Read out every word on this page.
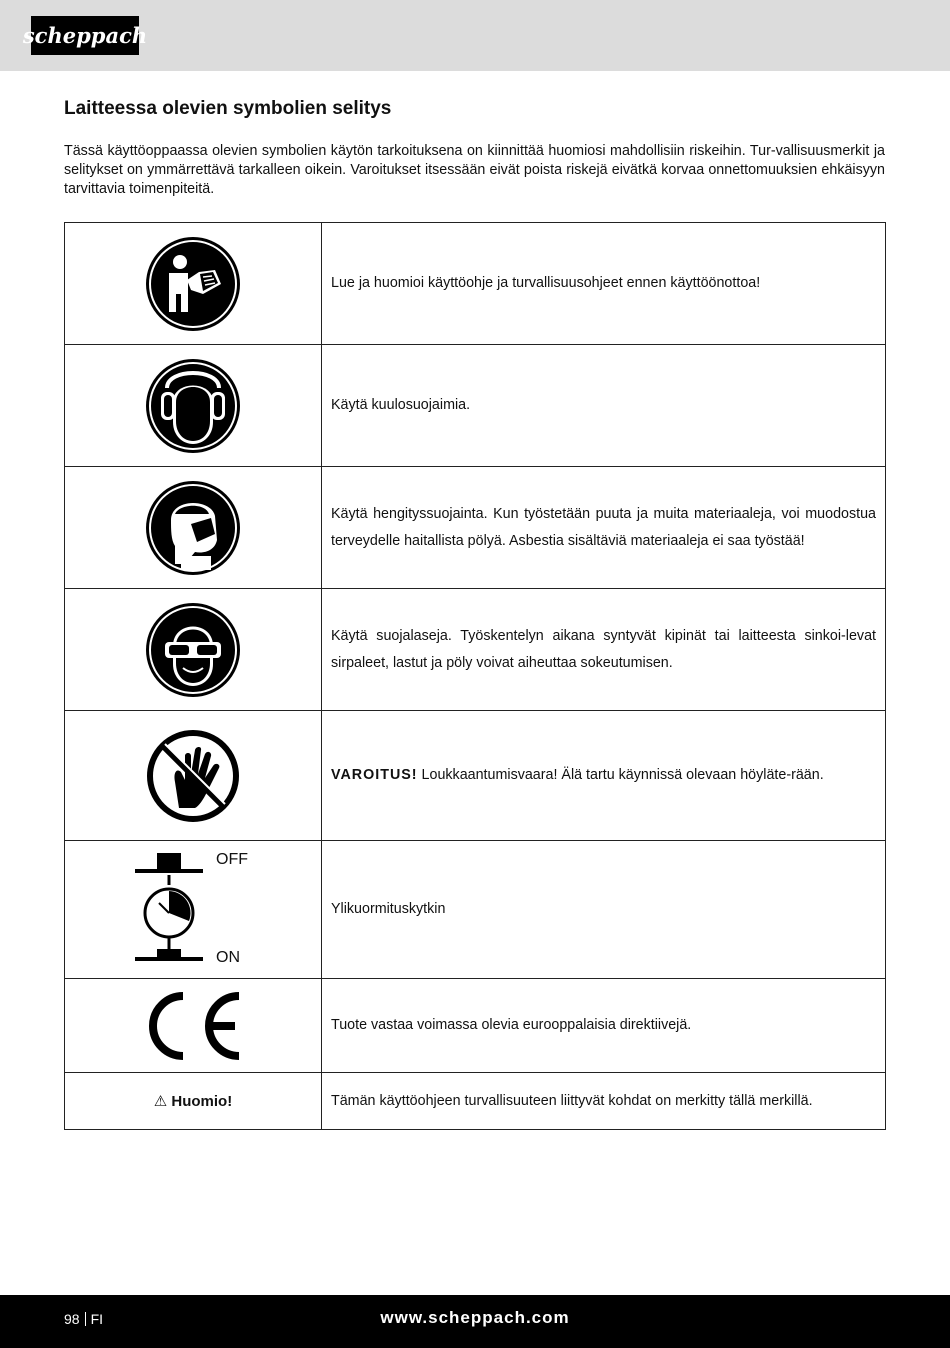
scheppach
Laitteessa olevien symbolien selitys

Tässä käyttöoppaassa olevien symbolien käytön tarkoituksena on kiinnittää huomiosi mahdollisiin riskeihin. Tur-vallisuusmerkit ja selitykset on ymmärrettävä tarkalleen oikein. Varoitukset itsessään eivät poista riskejä eivätkä korvaa onnettomuuksien ehkäisyyn tarvittavia toimenpiteitä.

	Lue ja huomioi käyttöohje ja turvallisuusohjeet ennen käyttöönottoa!

	Käytä kuulosuojaimia.

	Käytä hengityssuojainta. Kun työstetään puuta ja muita materiaaleja, voi muodostua terveydelle haitallista pölyä. Asbestia sisältäviä materiaaleja ei saa työstää!

	Käytä suojalaseja. Työskentelyn aikana syntyvät kipinät tai laitteesta sinkoi-levat sirpaleet, lastut ja pöly voivat aiheuttaa sokeutumisen.

	VAROITUS! Loukkaantumisvaara! Älä tartu käynnissä olevaan höyläte-rään.

OFF
ON	Ylikuormituskytkin

	Tuote vastaa voimassa olevia eurooppalaisia direktiivejä.
⚠ Huomio!	Tämän käyttöohjeen turvallisuuteen liittyvät kohdat on merkitty tällä merkillä.
98 FI	www.scheppach.com
